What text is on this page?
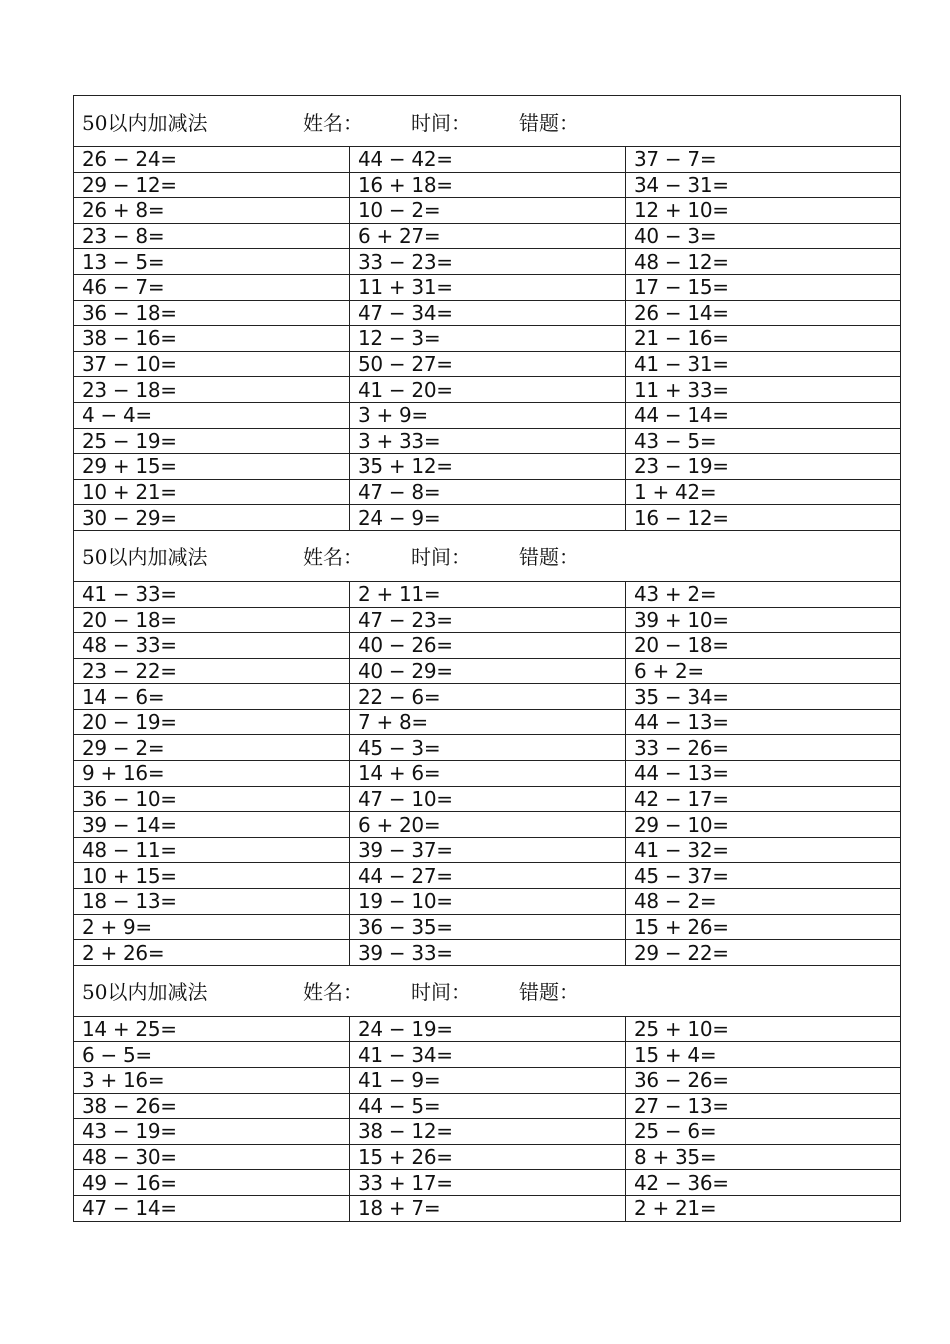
50以内加减法 姓名： 时间： 错题：		
26 − 24=	44 − 42=	37 − 7=
29 − 12=	16 + 18=	34 − 31=
26 + 8=	10 − 2=	12 + 10=
23 − 8=	6 + 27=	40 − 3=
13 − 5=	33 − 23=	48 − 12=
46 − 7=	11 + 31=	17 − 15=
36 − 18=	47 − 34=	26 − 14=
38 − 16=	12 − 3=	21 − 16=
37 − 10=	50 − 27=	41 − 31=
23 − 18=	41 − 20=	11 + 33=
4 − 4=	3 + 9=	44 − 14=
25 − 19=	3 + 33=	43 − 5=
29 + 15=	35 + 12=	23 − 19=
10 + 21=	47 − 8=	1 + 42=
30 − 29=	24 − 9=	16 − 12=
50以内加减法 姓名： 时间： 错题：		
41 − 33=	2 + 11=	43 + 2=
20 − 18=	47 − 23=	39 + 10=
48 − 33=	40 − 26=	20 − 18=
23 − 22=	40 − 29=	6 + 2=
14 − 6=	22 − 6=	35 − 34=
20 − 19=	7 + 8=	44 − 13=
29 − 2=	45 − 3=	33 − 26=
9 + 16=	14 + 6=	44 − 13=
36 − 10=	47 − 10=	42 − 17=
39 − 14=	6 + 20=	29 − 10=
48 − 11=	39 − 37=	41 − 32=
10 + 15=	44 − 27=	45 − 37=
18 − 13=	19 − 10=	48 − 2=
2 + 9=	36 − 35=	15 + 26=
2 + 26=	39 − 33=	29 − 22=
50以内加减法 姓名： 时间： 错题：		
14 + 25=	24 − 19=	25 + 10=
6 − 5=	41 − 34=	15 + 4=
3 + 16=	41 − 9=	36 − 26=
38 − 26=	44 − 5=	27 − 13=
43 − 19=	38 − 12=	25 − 6=
48 − 30=	15 + 26=	8 + 35=
49 − 16=	33 + 17=	42 − 36=
47 − 14=	18 + 7=	2 + 21=
